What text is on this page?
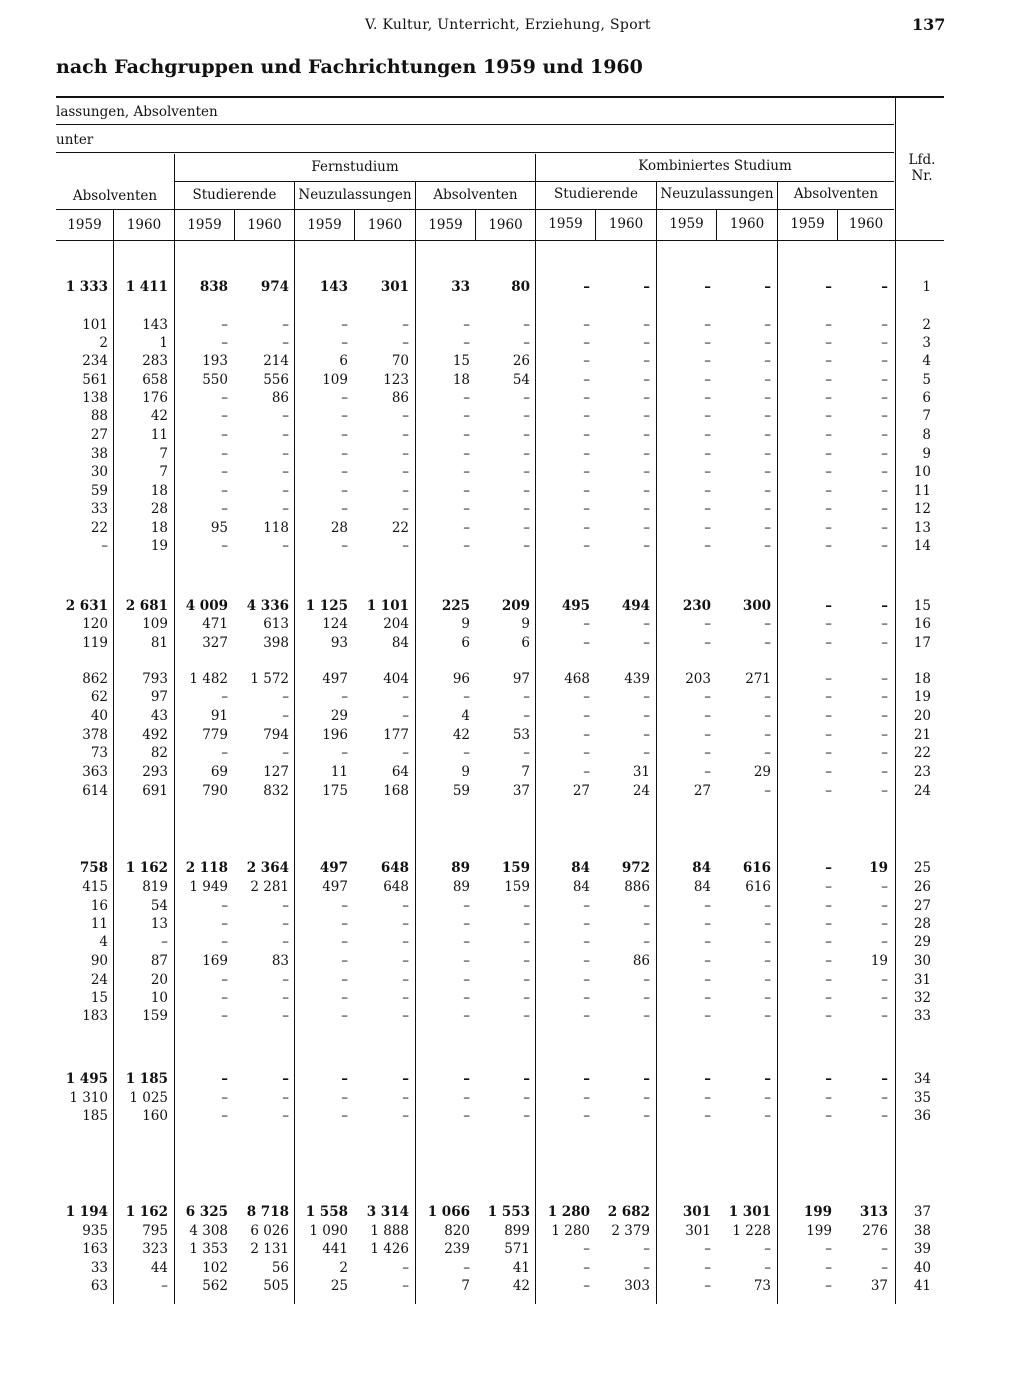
V. Kultur, Unterricht, Erziehung, Sport	137
nach Fachgruppen und Fachrichtungen 1959 und 1960
lassungen, Absolventen
unter
Fernstudium	Kombiniertes Studium	Lfd.
Nr.
Absolventen	Studierende	Neuzulassungen	Absolventen	Studierende	Neuzulassungen	Absolventen
1959	1960	1959	1960	1959	1960	1959	1960	1959	1960	1959	1960	1959	1960
1 333	1 411	838	974	143	301	33	80	–	–	–	–	–	–	1
101	143	–	–	–	–	–	–	–	–	–	–	–	–	2
2	1	–	–	–	–	–	–	–	–	–	–	–	–	3
234	283	193	214	6	70	15	26	–	–	–	–	–	–	4
561	658	550	556	109	123	18	54	–	–	–	–	–	–	5
138	176	–	86	–	86	–	–	–	–	–	–	–	–	6
88	42	–	–	–	–	–	–	–	–	–	–	–	–	7
27	11	–	–	–	–	–	–	–	–	–	–	–	–	8
38	7	–	–	–	–	–	–	–	–	–	–	–	–	9
30	7	–	–	–	–	–	–	–	–	–	–	–	–	10
59	18	–	–	–	–	–	–	–	–	–	–	–	–	11
33	28	–	–	–	–	–	–	–	–	–	–	–	–	12
22	18	95	118	28	22	–	–	–	–	–	–	–	–	13
–	19	–	–	–	–	–	–	–	–	–	–	–	–	14
2 631	2 681	4 009	4 336	1 125	1 101	225	209	495	494	230	300	–	–	15
120	109	471	613	124	204	9	9	–	–	–	–	–	–	16
119	81	327	398	93	84	6	6	–	–	–	–	–	–	17
862	793	1 482	1 572	497	404	96	97	468	439	203	271	–	–	18
62	97	–	–	–	–	–	–	–	–	–	–	–	–	19
40	43	91	–	29	–	4	–	–	–	–	–	–	–	20
378	492	779	794	196	177	42	53	–	–	–	–	–	–	21
73	82	–	–	–	–	–	–	–	–	–	–	–	–	22
363	293	69	127	11	64	9	7	–	31	–	29	–	–	23
614	691	790	832	175	168	59	37	27	24	27	–	–	–	24
758	1 162	2 118	2 364	497	648	89	159	84	972	84	616	–	19	25
415	819	1 949	2 281	497	648	89	159	84	886	84	616	–	–	26
16	54	–	–	–	–	–	–	–	–	–	–	–	–	27
11	13	–	–	–	–	–	–	–	–	–	–	–	–	28
4	–	–	–	–	–	–	–	–	–	–	–	–	–	29
90	87	169	83	–	–	–	–	–	86	–	–	–	19	30
24	20	–	–	–	–	–	–	–	–	–	–	–	–	31
15	10	–	–	–	–	–	–	–	–	–	–	–	–	32
183	159	–	–	–	–	–	–	–	–	–	–	–	–	33
1 495	1 185	–	–	–	–	–	–	–	–	–	–	–	–	34
1 310	1 025	–	–	–	–	–	–	–	–	–	–	–	–	35
185	160	–	–	–	–	–	–	–	–	–	–	–	–	36
1 194	1 162	6 325	8 718	1 558	3 314	1 066	1 553	1 280	2 682	301	1 301	199	313	37
935	795	4 308	6 026	1 090	1 888	820	899	1 280	2 379	301	1 228	199	276	38
163	323	1 353	2 131	441	1 426	239	571	–	–	–	–	–	–	39
33	44	102	56	2	–	–	41	–	–	–	–	–	–	40
63	–	562	505	25	–	7	42	–	303	–	73	–	37	41
